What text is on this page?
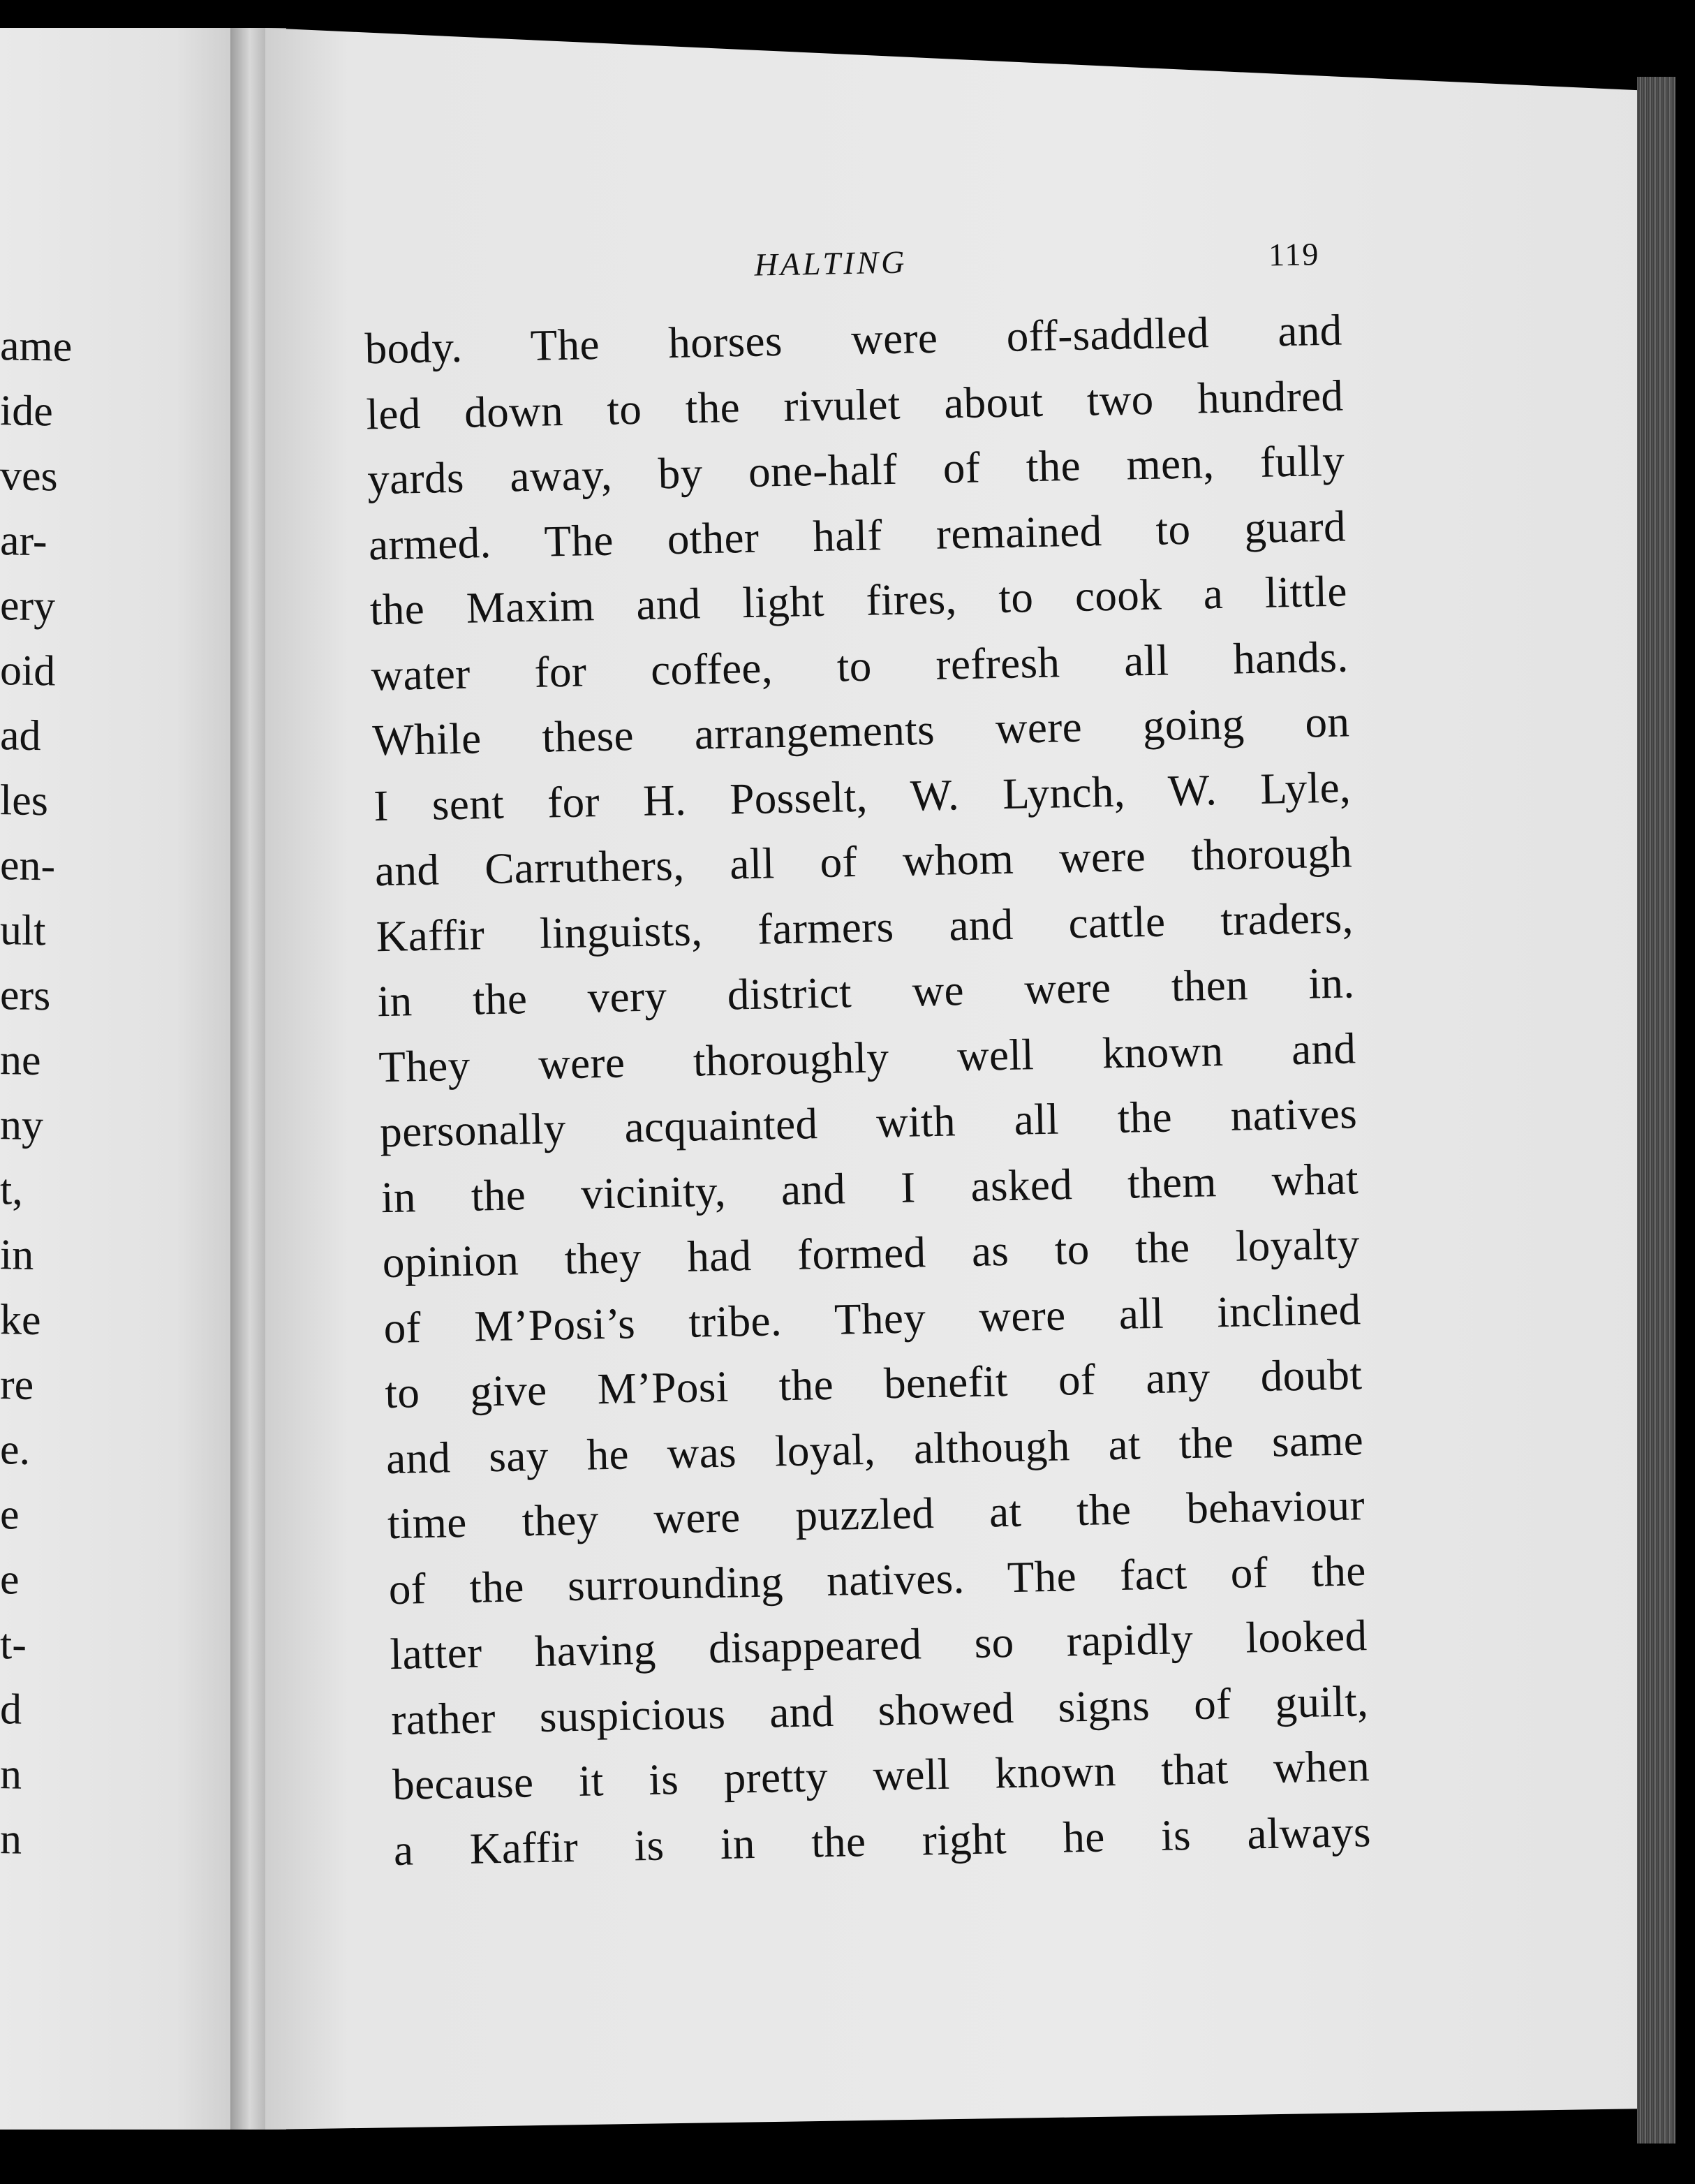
ame
ide
ves
ar-
ery
oid
ad
les
en-
ult
ers
ne
ny
t,
in
ke
re
e.
e
e
t-
d
n
n
HALTING	119
body. The horses were off-saddled and
led down to the rivulet about two hundred
yards away, by one-half of the men, fully
armed. The other half remained to guard
the Maxim and light fires, to cook a little
water for coffee, to refresh all hands.
While these arrangements were going on
I sent for H. Posselt, W. Lynch, W. Lyle,
and Carruthers, all of whom were thorough
Kaffir linguists, farmers and cattle traders,
in the very district we were then in.
They were thoroughly well known and
personally acquainted with all the natives
in the vicinity, and I asked them what
opinion they had formed as to the loyalty
of M’Posi’s tribe. They were all inclined
to give M’Posi the benefit of any doubt
and say he was loyal, although at the same
time they were puzzled at the behaviour
of the surrounding natives. The fact of the
latter having disappeared so rapidly looked
rather suspicious and showed signs of guilt,
because it is pretty well known that when
a Kaffir is in the right he is always
